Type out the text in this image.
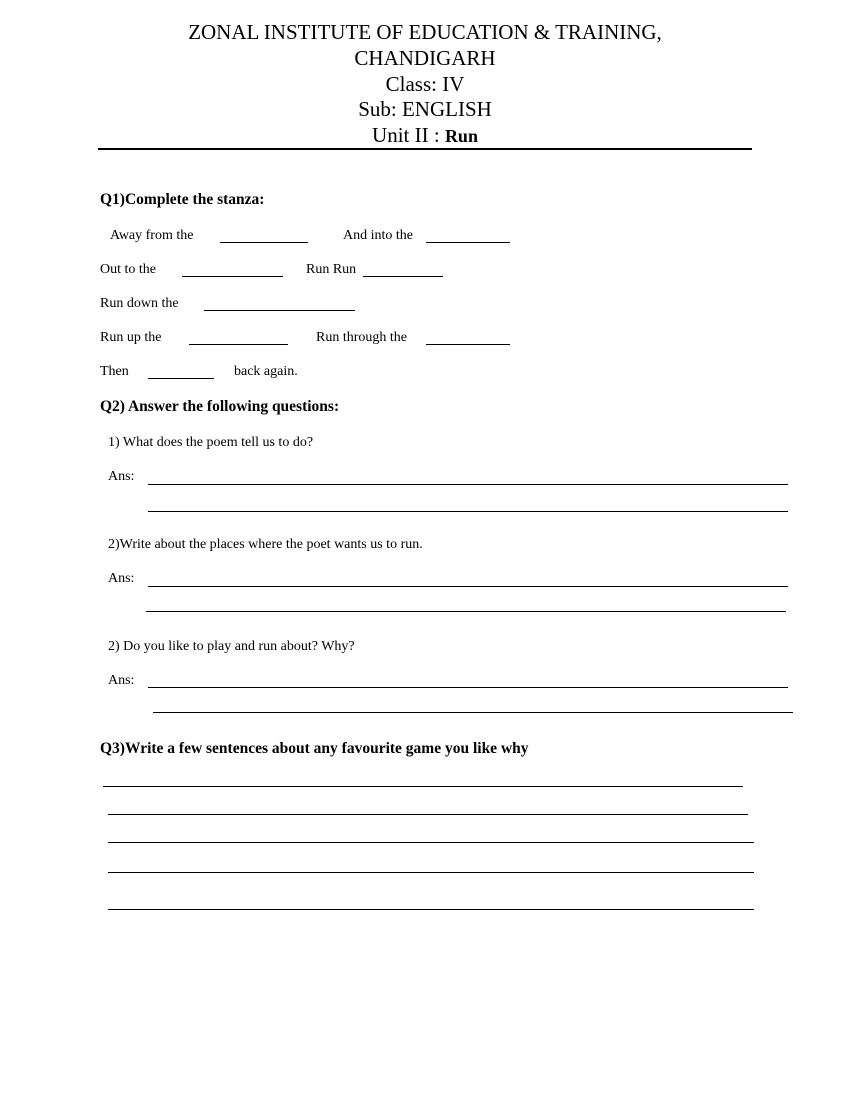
ZONAL INSTITUTE OF EDUCATION & TRAINING,
CHANDIGARH
Class: IV
Sub: ENGLISH
Unit II : Run
Q1)Complete the stanza:
Away from the	And into the
Out to the	Run Run
Run down the
Run up the	Run through the
Then	back again.
Q2) Answer the following questions:
1) What does the poem tell us to do?
Ans:
2)Write about the places where the poet wants us to run.
Ans:
2) Do you like to play and run about? Why?
Ans:
Q3)Write a few sentences about any favourite game you like why
